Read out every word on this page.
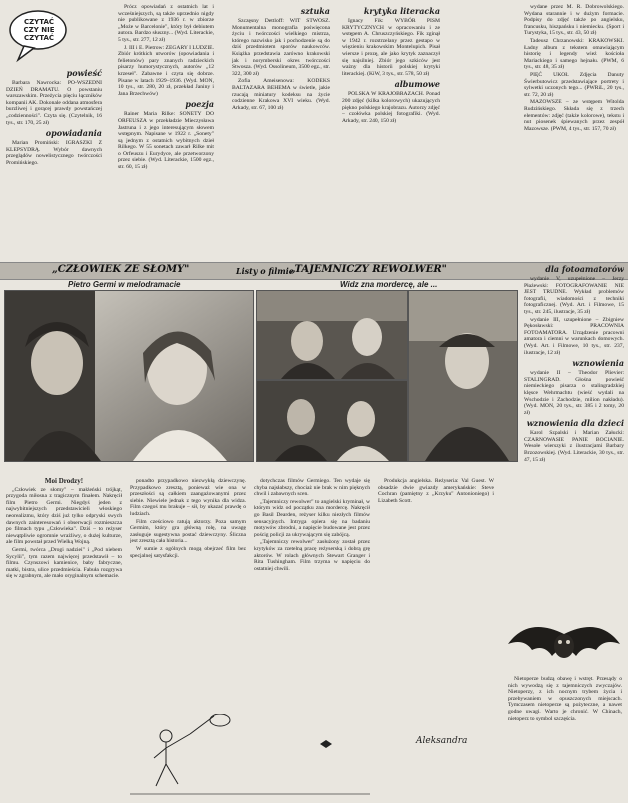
CZYTAĆ CZY NIE CZYTAĆ
powieść

Barbara Nawrocka: PO-WSZEDNI DZIEŃ DRAMATU. O powstaniu warszawskim. Przeżycia pięciu łączników kompanii AK. Dokonale oddana atmosfera burzliwej i gorącej prawdy powstańczej „codzienności". Czyta się. (Czytelnik, 16 tys., str. 170, 25 zł)

opowiadania

Marian Promiński: IGRASZKI Z KLEPSYDRĄ. Wybór dawnych przeglądów nowelistycznego twórczości Promińskiego.

Prócz opowiadań z ostatnich lat i wcześniejszych, są także uprzednio nigdy nie publikowane z 1936 r. w zbiorze „Może w Barcelonie", który był debiutem autora. Bardzo słuszny... (Wyd. Literackie, 5 tys., str. 277, 12 zł)

J. III i E. Pietrow: ZEGARY I LUDZIE. Zbiór krótkich utworów (opowiadania i felietonów) pary znanych radzieckich pisarzy humorystycznych, autorów „12 krzeseł". Zabawne i czyta się dobrze. Pisane w latach 1929–1936. (Wyd. MON, 10 tys., str. 280, 20 zł, przekład Janiny i Jana Brzechwów)

poezja

Rainer Maria Rilke: SONETY DO ORFEUSZA w przekładzie Mieczysława Jastruna i z jego interesującym słowem wstępnym. Napisane w 1922 r. „Sonety" są jednym z ostatnich wybitnych dzieł Rilkego. W 55 sonetach zawarł Rilke mit o Orfeuszu i Eurydyce, ale przetworzony przez siebie. (Wyd. Literackie, 1500 egz., str. 60, 15 zł)

sztuka

Szczęsny Dettloff: WIT STWOSZ. Monumentalna monografia poświęcona życiu i twórczości wielkiego mistrza, którego nazwisko jak i pochodzenie są do dziś przedmiotem sporów naukowców. Książka przedstawia zarówno krakowski jak i norymberski okres twórczości Stwosza. (Wyd. Ossolineum, 3500 egz., str. 322, 300 zł)

Zofia Ameisenowa: KODEKS BALTAZARA BEHEMA w świetle, jakie rzucają miniatury kodeksu na życie codzienne Krakowa XVI wieku. (Wyd. Arkady, str. 67, 100 zł)

krytyka literacka

Ignacy Fik: WYBÓR PISM KRYTYCZNYCH w opracowaniu i ze wstępem A. Chruszczyńskiego. Fik zginął w 1942 r. rozstrzelany przez gestapo w więzieniu krakowskim Montelupich. Pisał wiersze i prozę, ale jako krytyk zaznaczył się najsilniej. Zbiór jego szkiców jest ważny dla historii polskiej krytyki literackiej. (KiW, 3 tys., str. 578, 50 zł)

albumowe

POLSKA W KRAJOBRAZACH. Ponad 200 zdjęć (kilka kolorowych) ukazujących piękno polskiego krajobrazu. Autorzy zdjęć – czołówka polskiej fotografiki. (Wyd. Arkady, str. 240, 150 zł)

wydane przez M. R. Dobrowolskiego. Wydana starannie i w dużym formacie. Podpisy do zdjęć także po angielsku, francusku, hiszpańsku i niemiecku. (Sport i Turystyka, 15 tys., str. 43, 50 zł)

Tadeusz Chrzanowski: KRAKOWSKI. Ładny album z tekstem omawiającym historię i legendy wież kościoła Mariackiego i samego hejnału. (PWM, 6 tys., str. 48, 35 zł)

PIĘĆ UKOŁ Zdjęcia Danuty Świerbutowicz przedstawiające portrety i sylwetki uczonych tego... (PWRiL, 20 tys., str. 72, 20 zł)

MAZOWSZE – ze wstępem Witolda Rudzińskiego. Składa się z trzech elementów: zdjęć (także kolorowe), tekstu i nut piosenek śpiewanych przez zespół Mazowsze. (PWM, 4 tys., str. 157, 70 zł)

„CZŁOWIEK ZE SŁOMY"	Listy o filmie
„TAJEMNICZY REWOLWER"
Pietro Germi w melodramacie	Widz zna mordercę, ale ...
dla fotoamatorów

wydanie V, uzupełnione – Jerzy Płażewski: FOTOGRAFOWANIE NIE JEST TRUDNE. Wykład problemów fotografii, wiadomości z techniki fotograficznej. (Wyd. Art. i Filmowe, 15 tys., str. 245, ilustracje, 35 zł)

wydanie III, uzupełnione – Zbigniew Pękosławski: PRACOWNIA FOTOAMATORA. Urządzenie pracowni amatora i ciemni w warunkach domowych. (Wyd. Art. i Filmowe, 10 tys., str. 237, ilustracje, 12 zł)

wznowienia

wydanie II – Theodor Plievier: STALINGRAD. Głośna powieść niemieckiego pisarza o stalingradzkiej klęsce Wehrmachtu (wieść wydali na Wschodzie i Zachodzie, milion nakładu). (Wyd. MON, 20 tys., str. 385 i 2 tomy, 20 zł)

wznowienia dla dzieci

Karol Szpalski i Marian Załucki: CZARNOWASIE PANIE BOCIANIE. Wesołe wierszyki z ilustracjami Barbary Brzozowskiej. (Wyd. Literackie, 30 tys., str. 47, 15 zł)

Moi Drodzy!

„Człowiek ze słomy" – małżeński trójkąt, przygoda miłosna z tragicznym finałem. Nakręcił film Pietro Germi. Niegdyś jeden z najwybitniejszych przedstawicieli włoskiego neorealizmu, który dziś już tylko odpryski swych dawnych zainteresowań i obserwacji rozmieszcza po filmach typu „Człowieka". Dziś – to reżyser niewątpliwie ogromnie wrażliwy, o dużej kulturze, ale film powstał przed Wielką Wojną.

Germi, twórca „Drogi nadziei" i „Pod niebem Sycylii", tym razem najwięcej przedstawił – to filmu. Czynszowi kamienice, baby fabryczne, matki, bistra, ulice przedmieścia. Fabuła rozgrywa się w zgrabnym, ale mało oryginalnym schemacie.

ponadto przypadkowo niezwykłą dziewczynę. Przypadkowo zresztą, ponieważ wie ona w przeszłości są całkiem zaangażowanymi przez siebie. Niewiele jednak z tego wynika dla widza. Film czegoś mu brakuje – sił, by ukazać prawdę o ludziach.

Film cześciowo ratują aktorzy. Poza samym Germim, który gra główną rolę, na uwagę zasługuje sugestywna postać dziewczyny. Śliczna jest zresztą cała historia...

W sumie z ogólnych mogą obejrzeć film bez specjalnej satysfakcji.

dotychczas filmów Germiego. Ten wydaje się chyba najsłabszy, chociaż nie brak w nim pięknych chwil i zabawnych scen.

„Tajemniczy rewolwer" to angielski kryminał, w którym widz od początku zna mordercę. Nakręcił go Basil Dearden, reżyser kilku niezłych filmów sensacyjnych. Intryga opiera się na badaniu motywów zbrodni, a napięcie budowane jest przez pościg policji za ukrywającym się zabójcą.

„Tajemniczy rewolwer" zasłużony został przez krytyków za rzetelną pracę reżyserską i dobrą grę aktorów. W rolach głównych Stewart Granger i Rita Tushingham. Film trzyma w napięciu do ostatniej chwili.

Produkcja angielska. Reżyseria: Val Guest. W obsadzie dwie gwiazdy amerykańskie: Steve Cochran (pamiętny z „Krzyku" Antonioniego) i Lizabeth Scott.

Aleksandra

Nietoperze budzą obawę i wstręt. Przesądy o nich wywodzą się z tajemniczych zwyczajów. Nietoperzy, z ich nocnym trybem życia i przebywaniem w opuszczonych miejscach. Tymczasem nietoperze są pożyteczne, a nawet godne uwagi. Warto je chronić. W Chinach, nietoperz to symbol szczęścia.
